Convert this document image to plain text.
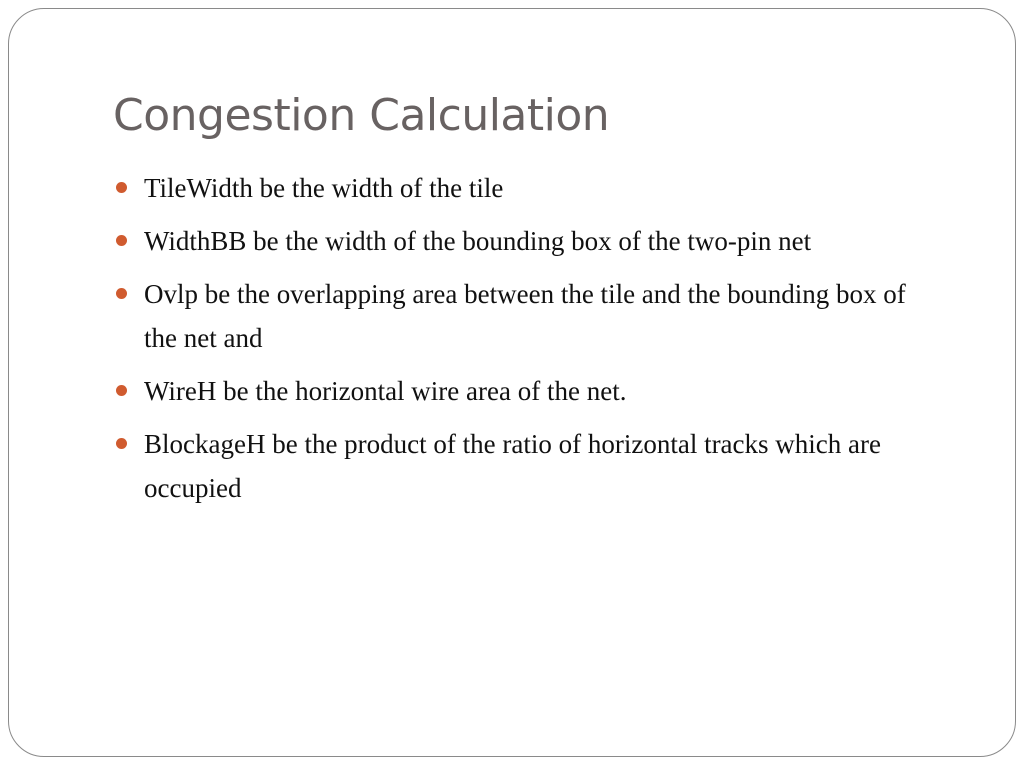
Congestion Calculation
TileWidth be the width of the tile
WidthBB be the width of the bounding box of the two-pin net
Ovlp be the overlapping area between the tile and the bounding box of the net and
WireH be the horizontal wire area of the net.
BlockageH be the product of the ratio of horizontal tracks which are occupied
